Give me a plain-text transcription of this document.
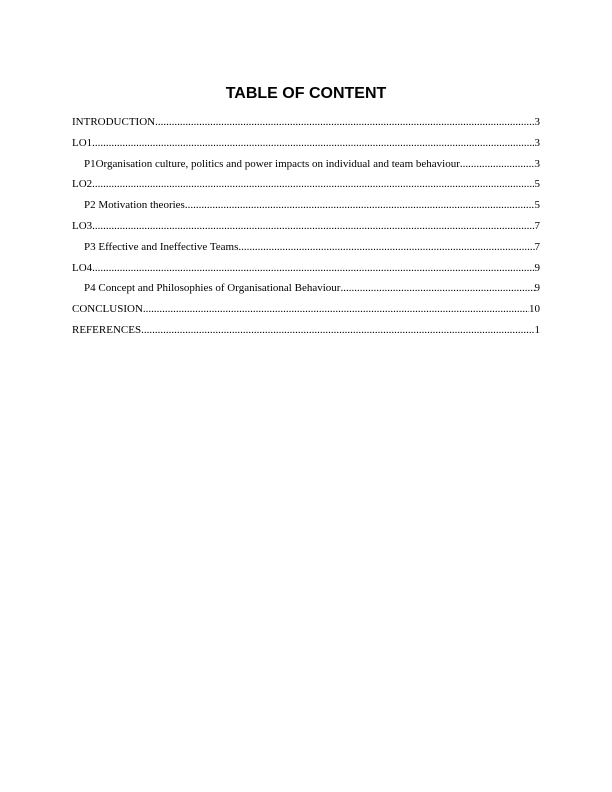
TABLE OF CONTENT
INTRODUCTION .....	3
LO1 .....	3
P1Organisation culture, politics and power impacts on individual and team behaviour .....	3
LO2 .....	5
P2 Motivation theories .....	5
LO3 .....	7
P3 Effective and Ineffective Teams .....	7
LO4 .....	9
P4 Concept and Philosophies of Organisational Behaviour .....	9
CONCLUSION .....	10
REFERENCES .....	1
